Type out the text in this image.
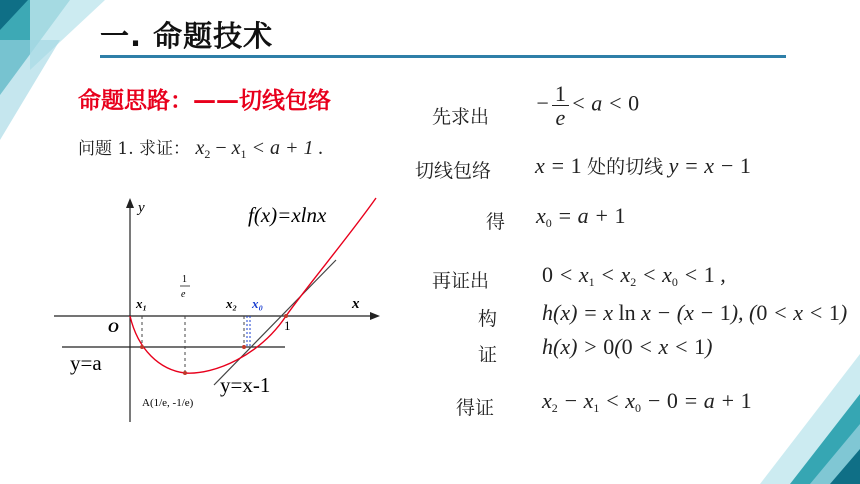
一. 命题技术
命题思路：——切线包络
问题 1. 求证： $x_2 - x_1 < a + 1$ .
y
x
O
f(x)=xlnx
x₁	x₂ x₀
1
1
e
y=a
y=x-1
A(1/e, -1/e)
先求出
− $\frac{1}{e} < a < 0$
切线包络 x = 1 处的切线 y = x − 1
得 $x_0 = a + 1$
再证出 $0 < x_1 < x_2 < x_0 < 1$ ,
构 h(x) = x ln x − (x − 1), (0 < x < 1)
证 h(x) > 0(0 < x < 1)
得证 $x_2 - x_1 < x_0 - 0 = a + 1$
